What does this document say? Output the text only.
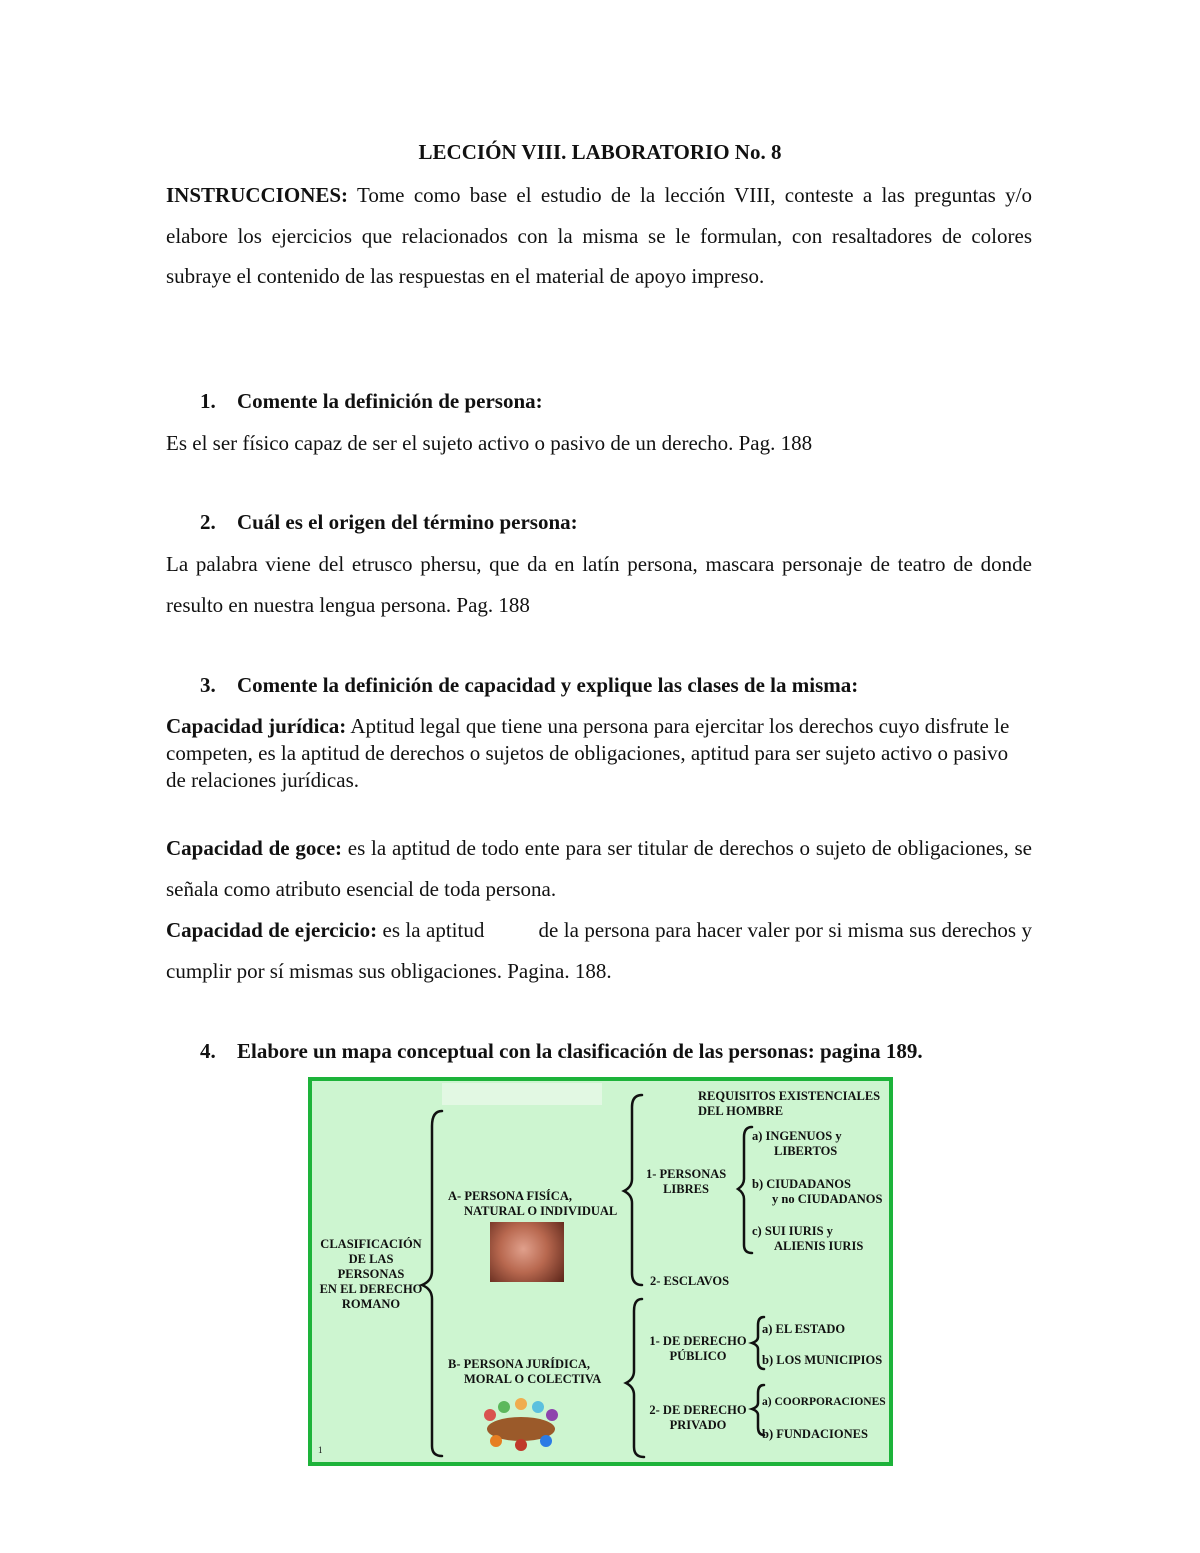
LECCIÓN VIII. LABORATORIO No. 8
INSTRUCCIONES: Tome como base el estudio de la lección VIII, conteste a las preguntas y/o elabore los ejercicios que relacionados con la misma se le formulan, con resaltadores de colores subraye el contenido de las respuestas en el material de apoyo impreso.
1. Comente la definición de persona:
Es el ser físico capaz de ser el sujeto activo o pasivo de un derecho. Pag. 188
2. Cuál es el origen del término persona:
La palabra viene del etrusco phersu, que da en latín persona, mascara personaje de teatro de donde resulto en nuestra lengua persona. Pag. 188
3. Comente la definición de capacidad y explique las clases de la misma:
Capacidad jurídica: Aptitud legal que tiene una persona para ejercitar los derechos cuyo disfrute le competen, es la aptitud de derechos o sujetos de obligaciones, aptitud para ser sujeto activo o pasivo de relaciones jurídicas.
Capacidad de goce: es la aptitud de todo ente para ser titular de derechos o sujeto de obligaciones, se señala como atributo esencial de toda persona.
Capacidad de ejercicio: es la aptitud          de la persona para hacer valer por si misma sus derechos y cumplir por sí mismas sus obligaciones. Pagina. 188.
4. Elabore un mapa conceptual con la clasificación de las personas: pagina 189.
CLASIFICACIÓN
DE LAS
PERSONAS
EN EL DERECHO
ROMANO
A- PERSONA FISÍCA,
NATURAL O INDIVIDUAL
B- PERSONA JURÍDICA,
MORAL O COLECTIVA
REQUISITOS EXISTENCIALES
DEL HOMBRE
1- PERSONAS
LIBRES
2- ESCLAVOS
a) INGENUOS y
LIBERTOS
b) CIUDADANOS
y no CIUDADANOS
c) SUI IURIS y
ALIENIS IURIS
1- DE DERECHO
PÚBLICO
a) EL ESTADO
b) LOS MUNICIPIOS
2- DE DERECHO
PRIVADO
a) COORPORACIONES
b) FUNDACIONES
1
